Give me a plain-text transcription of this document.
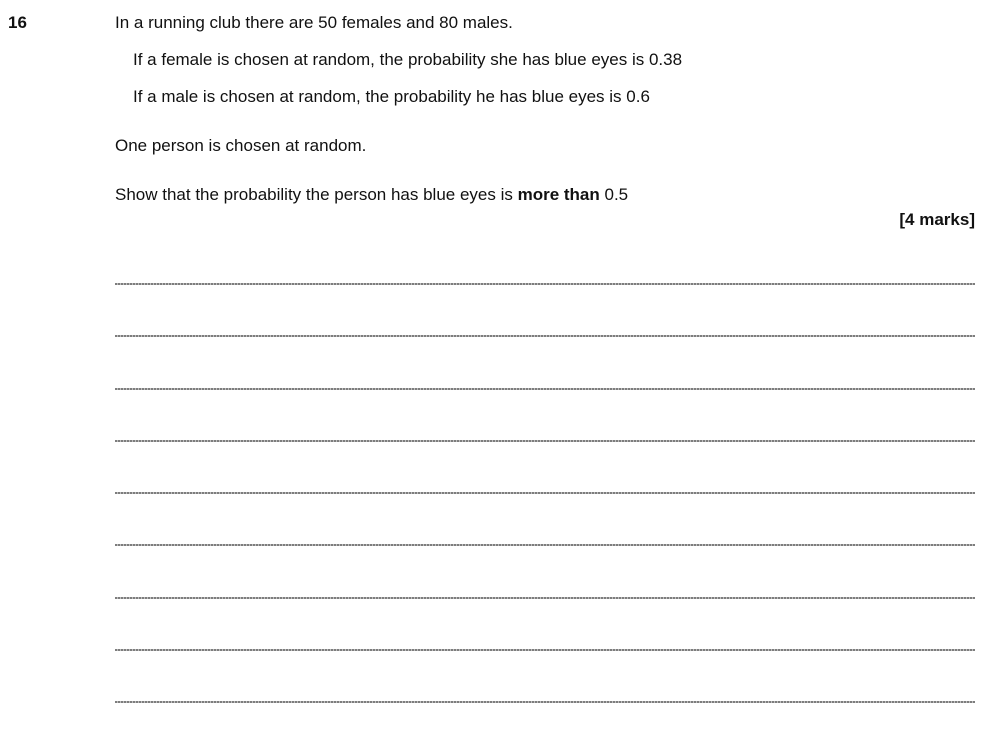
16	In a running club there are 50 females and 80 males.

If a female is chosen at random, the probability she has blue eyes is 0.38

If a male is chosen at random, the probability he has blue eyes is 0.6

One person is chosen at random.

Show that the probability the person has blue eyes is more than 0.5

[4 marks]
